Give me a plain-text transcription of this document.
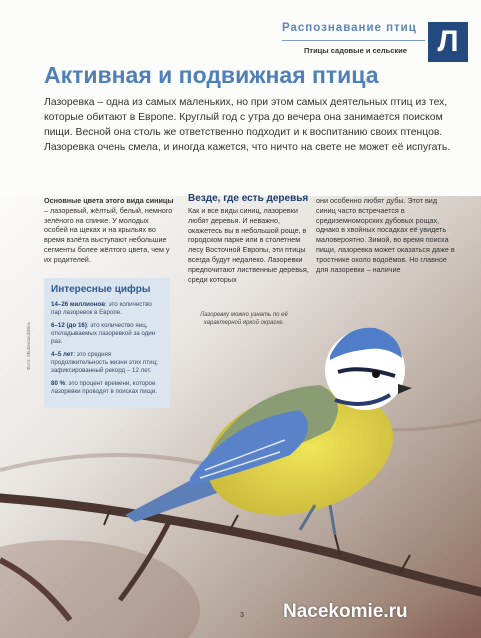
Распознавание птиц
Птицы садовые и сельские	Л
Активная и подвижная птица
Лазоревка – одна из самых маленьких, но при этом самых деятельных птиц из тех, которые обитают в Европе. Круглый год с утра до вечера она занимается поиском пищи. Весной она столь же ответственно подходит и к воспитанию своих птенцов. Лазоревка очень смела, и иногда кажется, что ничто на свете не может её испугать.
Основные цвета этого вида синицы – лазоревый, жёлтый, белый, немного зелёного на спинке. У молодых особей на щеках и на крыльях во время взлёта выступают небольшие сегменты более жёлтого цвета, чем у их родителей.
Везде, где есть деревья
Как и все виды синиц, лазоревки любят деревья. И неважно, окажетесь вы в небольшой роще, в городском парке или в столетнем лесу Восточной Европы, эти птицы всегда будут недалеко. Лазоревки предпочитают лиственные деревья, среди которых
они особенно любят дубы. Этот вид синиц часто встречается в средиземноморских дубовых рощах, однако в хвойных посадках её увидеть маловероятно. Зимой, во время поиска пищи, лазоревка может оказаться даже в тростнике около водоёмов. Но главное для лазоревки – наличие
Интересные цифры
14–26 миллионов: это количество пар лазоревок в Европе.
6–12 (до 16): это количество яиц, откладываемых лазоревкой за один раз.
4–5 лет: это средняя продолжительность жизни этих птиц; зафиксированный рекорд – 12 лет.
80 %: это процент времени, которое лазоревки проводят в поисках пищи.
Лазоревку можно узнать по её характерной яркой окраске.
Фото: Shutterstock/Bios
3 Nacekomie.ru
